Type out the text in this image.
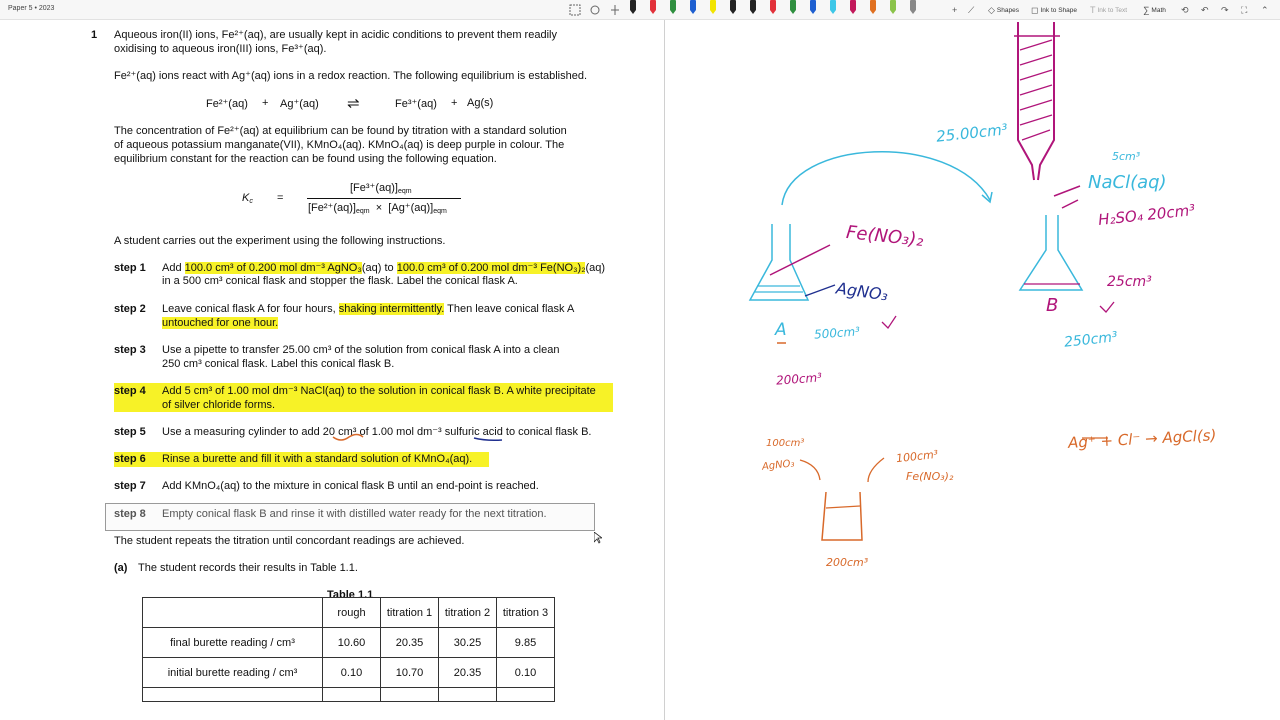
Paper 5 • 2023	+ ⟋ ◇ Shapes ◻ Ink to Shape T Ink to Text ∑ Math ⟲ ↶ ↷ ⛶ ⌃
1 Aqueous iron(II) ions, Fe²⁺(aq), are usually kept in acidic conditions to prevent them readily
oxidising to aqueous iron(III) ions, Fe³⁺(aq).
Fe²⁺(aq) ions react with Ag⁺(aq) ions in a redox reaction. The following equilibrium is established.
Fe²⁺(aq) + Ag⁺(aq) ⇌	Fe³⁺(aq) + Ag(s)
The concentration of Fe²⁺(aq) at equilibrium can be found by titration with a standard solution
of aqueous potassium manganate(VII), KMnO₄(aq). KMnO₄(aq) is deep purple in colour. The
equilibrium constant for the reaction can be found using the following equation.
$K_c$ =
$[Fe^{3+}(aq)]_{eqm}$
$[Fe^{2+}(aq)]_{eqm} \times [Ag^+(aq)]_{eqm}$
A student carries out the experiment using the following instructions.
step 1 Add 100.0 cm³ of 0.200 mol dm⁻³ AgNO₃(aq) to 100.0 cm³ of 0.200 mol dm⁻³ Fe(NO₃)₂(aq)
in a 500 cm³ conical flask and stopper the flask. Label the conical flask A.
step 2 Leave conical flask A for four hours, shaking intermittently. Then leave conical flask A
untouched for one hour.
step 3 Use a pipette to transfer 25.00 cm³ of the solution from conical flask A into a clean
250 cm³ conical flask. Label this conical flask B.
step 4 Add 5 cm³ of 1.00 mol dm⁻³ NaCl(aq) to the solution in conical flask B. A white precipitate
of silver chloride forms.
step 5 Use a measuring cylinder to add 20 cm³ of 1.00 mol dm⁻³ sulfuric acid to conical flask B.
step 6 Rinse a burette and fill it with a standard solution of KMnO₄(aq).
step 7 Add KMnO₄(aq) to the mixture in conical flask B until an end-point is reached.
step 8 Empty conical flask B and rinse it with distilled water ready for the next titration.
The student repeats the titration until concordant readings are achieved.
(a) The student records their results in Table 1.1.
Table 1.1
	rough	titration 1	titration 2	titration 3
final burette reading / cm³	10.60	20.35	30.25	9.85
initial burette reading / cm³	0.10	10.70	20.35	0.10

25.00cm³
5cm³
NaCl(aq)
H₂SO₄ 20cm³
25cm³
B
250cm³
Fe(NO₃)₂
AgNO₃
A 500cm³
200cm³
100cm³
AgNO₃
100cm³
Fe(NO₃)₂
200cm³
Ag⁺ + Cl⁻ → AgCl(s)
